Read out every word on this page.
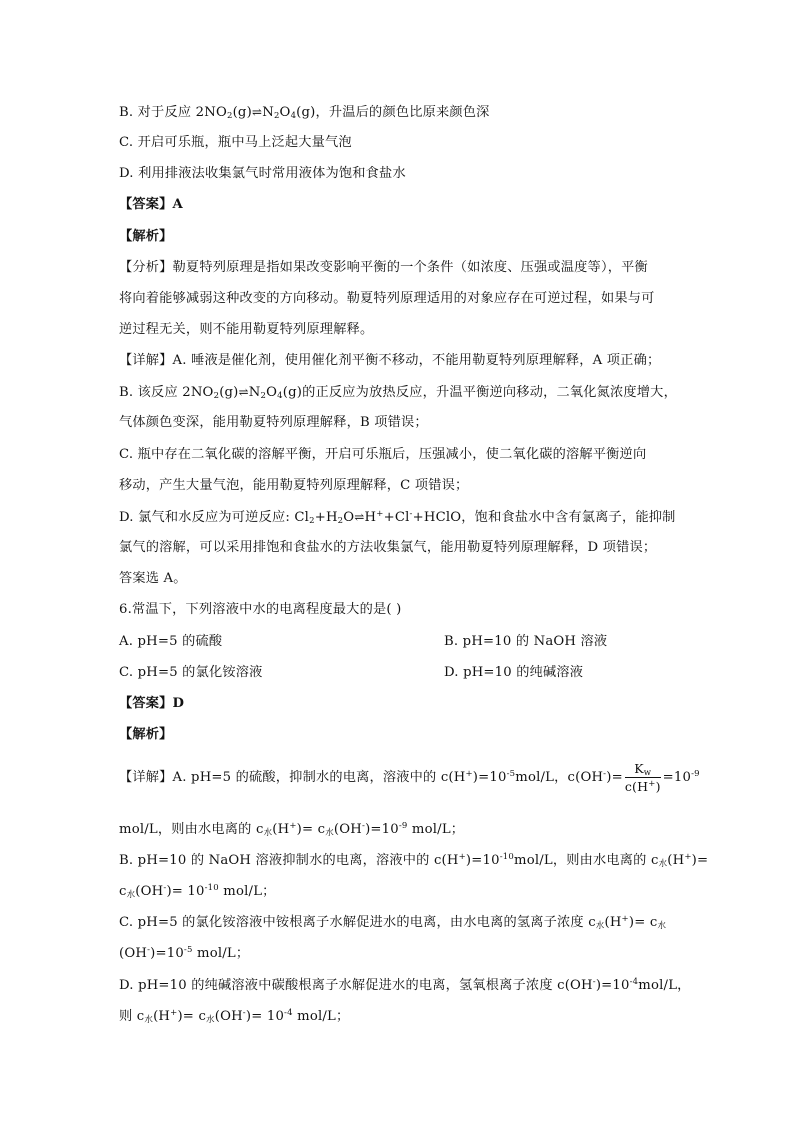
B. 对于反应 $2NO_2(g)\rightleftharpoons N_2O_4(g)$，升温后的颜色比原来颜色深
C. 开启可乐瓶，瓶中马上泛起大量气泡
D. 利用排液法收集氯气时常用液体为饱和食盐水
【答案】A
【解析】
【分析】勒夏特列原理是指如果改变影响平衡的一个条件（如浓度、压强或温度等），平衡
将向着能够减弱这种改变的方向移动。勒夏特列原理适用的对象应存在可逆过程，如果与可
逆过程无关，则不能用勒夏特列原理解释。
【详解】A. 唾液是催化剂，使用催化剂平衡不移动，不能用勒夏特列原理解释，A 项正确；
B. 该反应 $2NO_2(g)\rightleftharpoons N_2O_4(g)$的正反应为放热反应，升温平衡逆向移动，二氧化氮浓度增大，
气体颜色变深，能用勒夏特列原理解释，B 项错误；
C. 瓶中存在二氧化碳的溶解平衡，开启可乐瓶后，压强减小，使二氧化碳的溶解平衡逆向
移动，产生大量气泡，能用勒夏特列原理解释，C 项错误；
D. 氯气和水反应为可逆反应: $Cl_2+H_2O\rightleftharpoons H^++Cl^-+HClO$，饱和食盐水中含有氯离子，能抑制
氯气的溶解，可以采用排饱和食盐水的方法收集氯气，能用勒夏特列原理解释，D 项错误；
答案选 A。
6.常温下，下列溶液中水的电离程度最大的是( )
A. pH=5 的硫酸	B. pH=10 的 NaOH 溶液
C. pH=5 的氯化铵溶液	D. pH=10 的纯碱溶液
【答案】D
【解析】
【详解】A. pH=5 的硫酸，抑制水的电离，溶液中的 $c(H^+)=10^{-5}mol/L$，$c(OH^-)= \frac{K_w}{c(H^+)} =10^{-9}$
mol/L，则由水电离的 $c_水(H^+)= c_水(OH^-)=10^{-9}$ mol/L；
B. pH=10 的 NaOH 溶液抑制水的电离，溶液中的 $c(H^+)=10^{-10}mol/L$，则由水电离的 $c_水(H^+)=$
$c_水(OH^-)= 10^{-10}$ mol/L；
C. pH=5 的氯化铵溶液中铵根离子水解促进水的电离，由水电离的氢离子浓度 $c_水(H^+)= c_水$
$(OH^-)=10^{-5}$ mol/L；
D. pH=10 的纯碱溶液中碳酸根离子水解促进水的电离，氢氧根离子浓度 $c(OH^-)=10^{-4}mol/L$，
则 $c_水(H^+)= c_水(OH^-)= 10^{-4}$ mol/L；
